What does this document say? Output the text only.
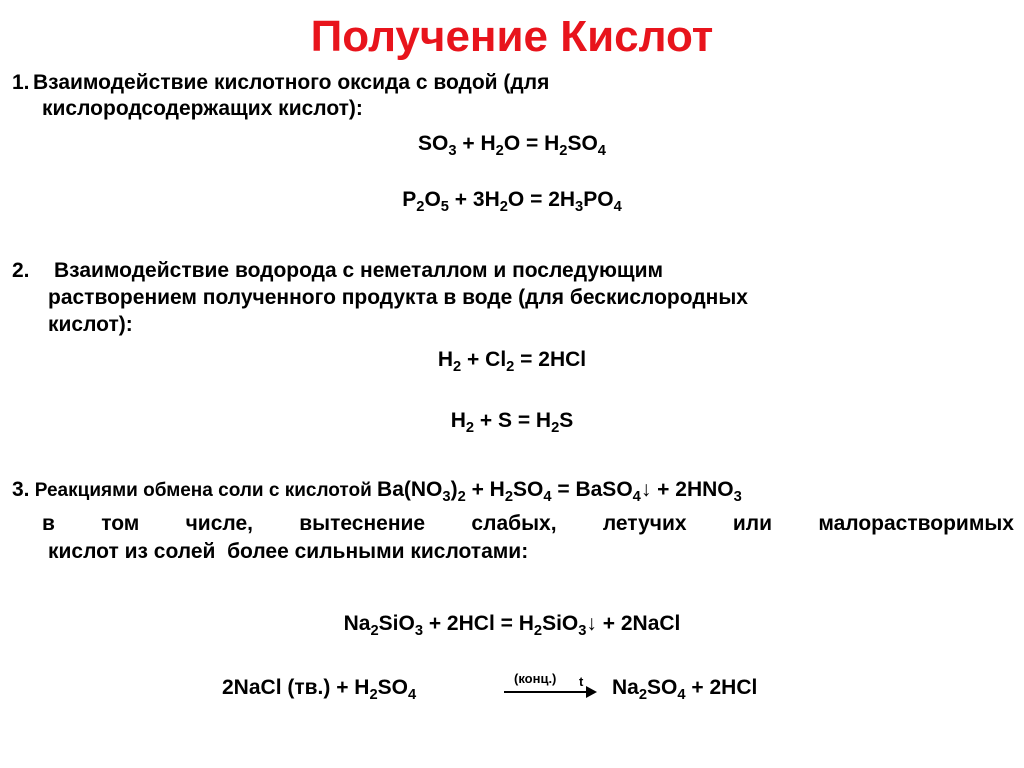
Получение Кислот
1. Взаимодействие кислотного оксида с водой (для
кислородсодержащих кислот):
$SO_3 + H_2O = H_2SO_4$
$P_2O_5 + 3H_2O = 2H_3PO_4$
2. Взаимодействие водорода с неметаллом и последующим
растворением полученного продукта в воде (для бескислородных
кислот):
$H_2 + Cl_2 = 2HCl$
$H_2 + S = H_2S$
3. Реакциями обмена соли с кислотой $Ba(NO_3)_2 + H_2SO_4$ = BaSO$_4$↓ + $2HNO_3$
в том числе, вытеснение слабых, летучих или малорастворимых
кислот из солей  более сильными кислотами:
$Na_2SiO_3 + 2HCl$ = $H_2SiO_3↓$ + 2NaCl
2NaCl $(тв.) + H_2SO_4$
(конц.) t $Na_2SO_4 + 2HCl$
